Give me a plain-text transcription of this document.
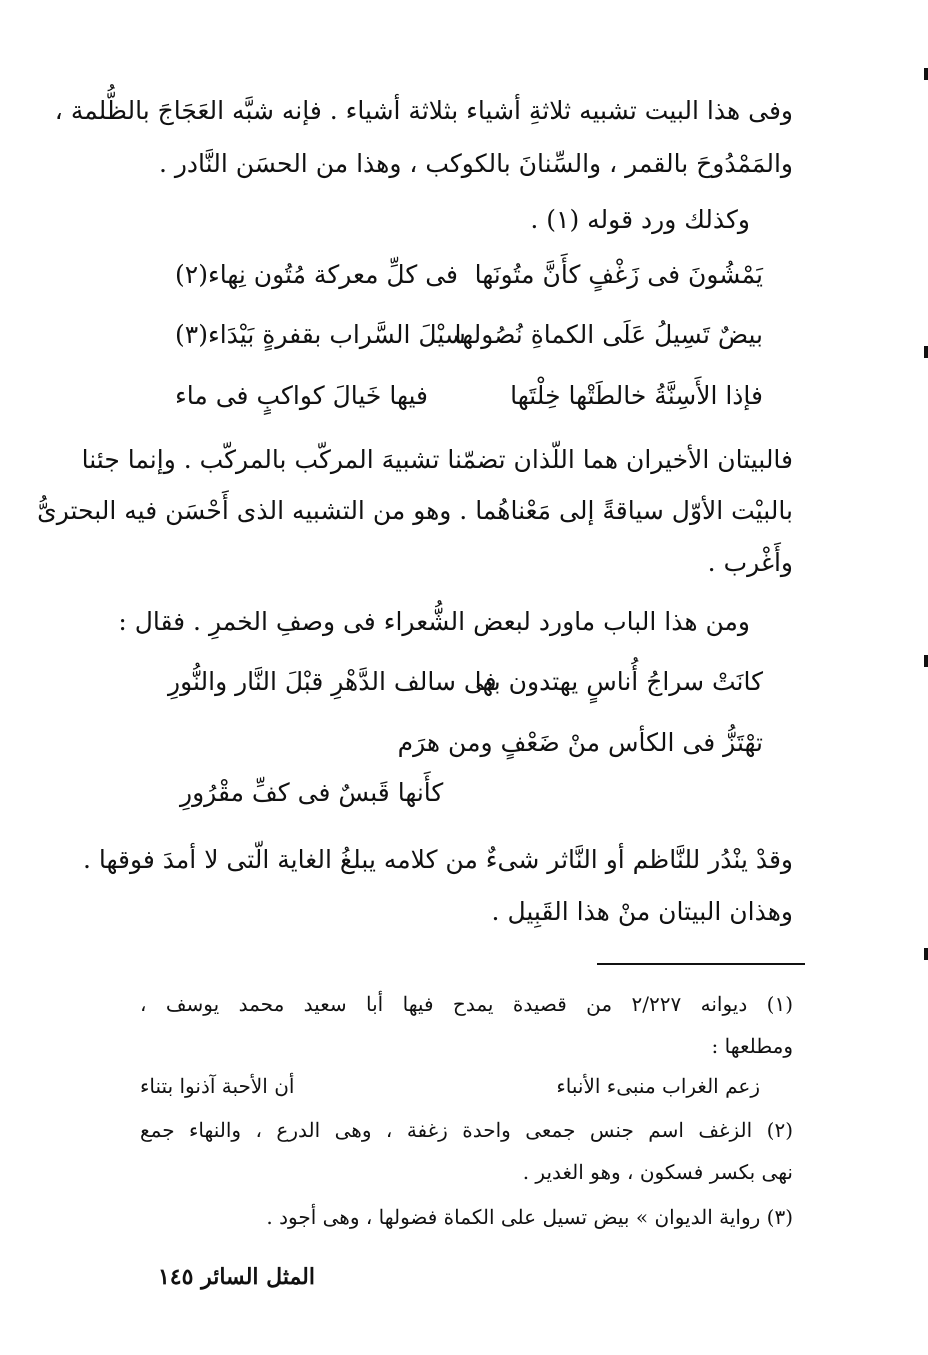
وفى هذا البيت تشبيه ثلاثةِ أشياء بثلاثة أشياء . فإنه شبَّه العَجَاجَ بالظُّلمة ،
والمَمْدُوحَ بالقمر ، والسِّنانَ بالكوكب ، وهذا من الحسَن النَّادر .
وكذلك ورد قوله (١) .
يَمْشُونَ فى زَغْفٍ كأَنَّ متُونَها
فى كلِّ معركة مُتُون نِهاء(٢)
بيضٌ تَسِيلُ عَلَى الكماةِ نُصُولها
سيْلَ السَّراب بقفرةٍ بَيْدَاء(٣)
فإذا الأَسِنَّةُ خالطَتْها خِلْتَها
فيها خَيالَ كواكبٍ فى ماء
فالبيتان الأخيران هما اللّذان تضمّنا تشبيهَ المركّب بالمركّب . وإنما جئنا
بالبيْت الأوّل سياقةً إلى مَعْناهُما . وهو من التشبيه الذى أَحْسَن فيه البحترىُّ
وأَغْرب .
ومن هذا الباب ماورد لبعض الشُّعراء فى وصفِ الخمرِ . فقال :
كانَتْ سراجُ أُناسٍ يهتدون بها
فى سالف الدَّهْرِ قبْلَ النَّار والنُّورِ
تهْتَزُّ فى الكأس منْ ضَعْفٍ ومن هرَم
كأَنها قَبسٌ فى كفِّ مقْرُورِ
وقدْ ينْدُر للنَّاظم أو النَّاثر شىءٌ من كلامه يبلغُ الغاية الّتى لا أمدَ فوقها .
وهذان البيتان منْ هذا القَبِيل .
(١) ديوانه ٢/٢٢٧ من قصيدة يمدح فيها أبا سعيد محمد يوسف ،
ومطلعها :
زعم الغراب منبىء الأنباء
أن الأحبة آذنوا بتناء
(٢) الزغف اسم جنس جمعى واحدة زغفة ، وهى الدرع ، والنهاء جمع
نهى بكسر فسكون ، وهو الغدير .
(٣) رواية الديوان » بيض تسيل على الكماة فضولها ، وهى أجود .
المثل السائر ١٤٥
